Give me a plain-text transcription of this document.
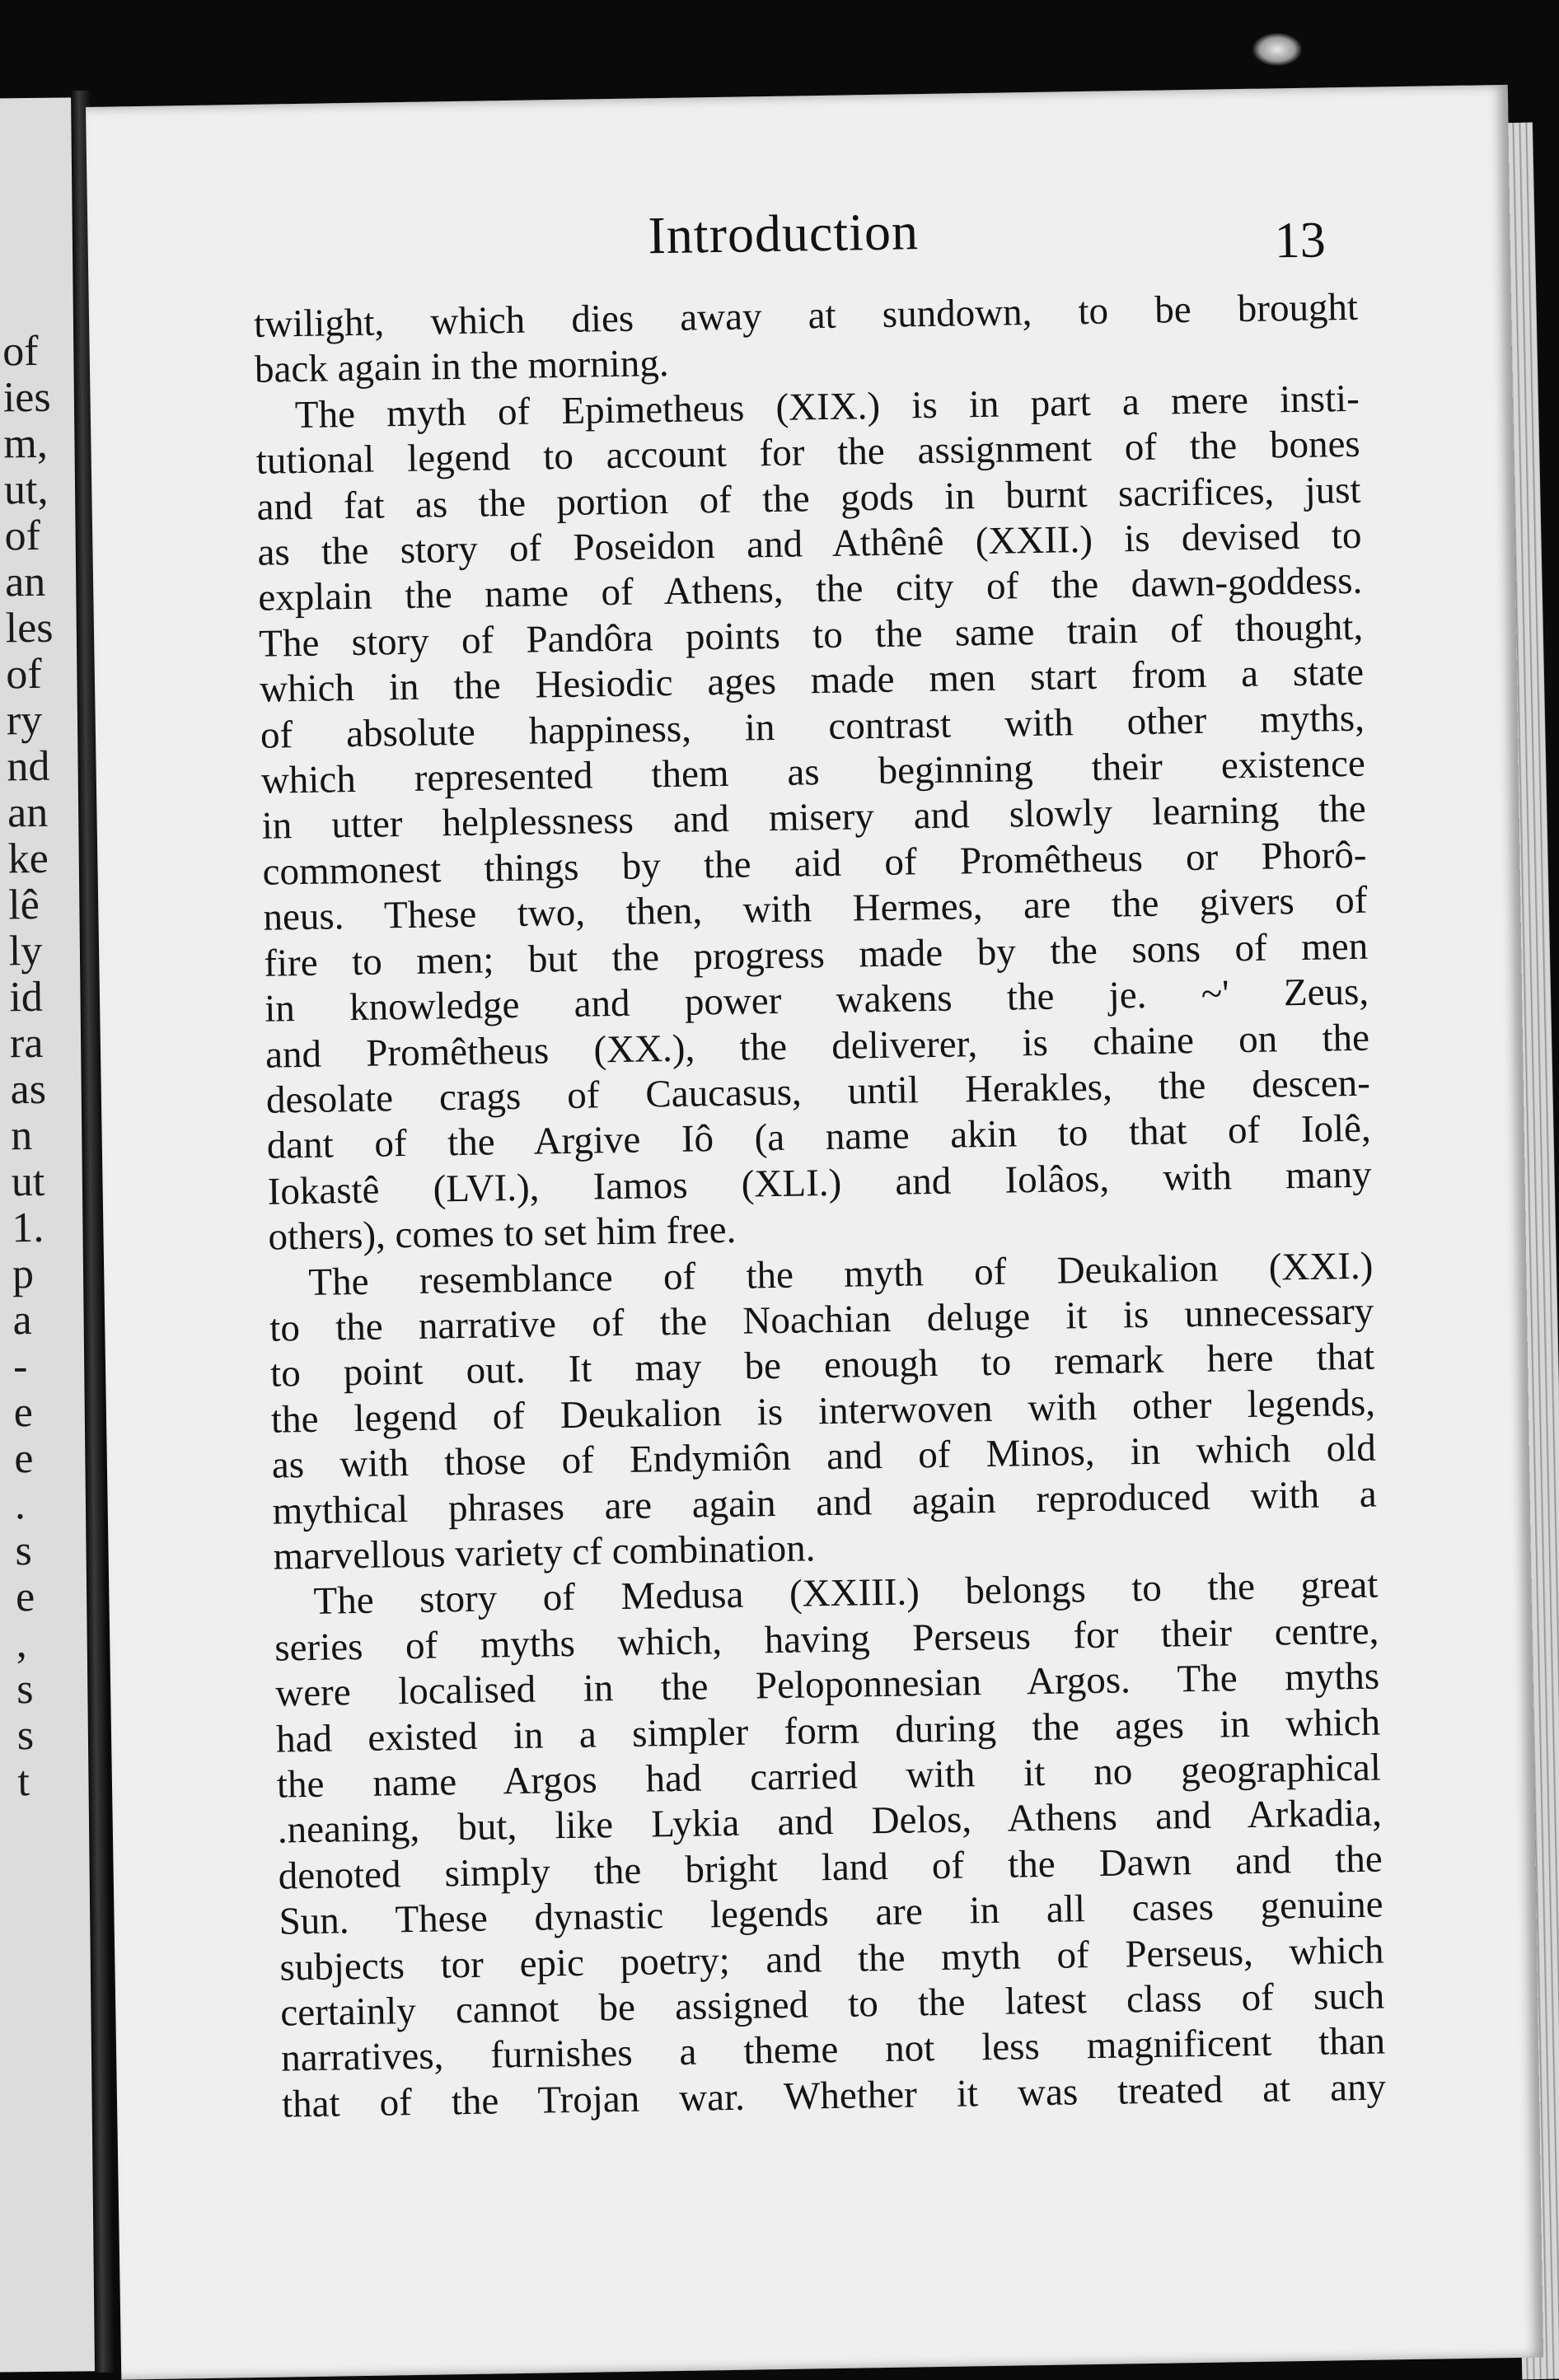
of
ies
m,
ut,
of
an
les
of
ry
nd
an
ke
lê
ly
id
ra
as
n
ut
1.
p
a
-
e
e
.
s
e
,
s
s
t
Introduction	13
twilight, which dies away at sundown, to be brought
back again in the morning.
The myth of Epimetheus (XIX.) is in part a mere insti-
tutional legend to account for the assignment of the bones
and fat as the portion of the gods in burnt sacrifices, just
as the story of Poseidon and Athênê (XXII.) is devised to
explain the name of Athens, the city of the dawn-goddess.
The story of Pandôra points to the same train of thought,
which in the Hesiodic ages made men start from a state
of absolute happiness, in contrast with other myths,
which represented them as beginning their existence
in utter helplessness and misery and slowly learning the
commonest things by the aid of Promêtheus or Phorô-
neus. These two, then, with Hermes, are the givers of
fire to men; but the progress made by the sons of men
in knowledge and power wakens the je. ~' Zeus,
and Promêtheus (XX.), the deliverer, is chaine on the
desolate crags of Caucasus, until Herakles, the descen-
dant of the Argive Iô (a name akin to that of Iolê,
Iokastê (LVI.), Iamos (XLI.) and Iolâos, with many
others), comes to set him free.
The resemblance of the myth of Deukalion (XXI.)
to the narrative of the Noachian deluge it is unnecessary
to point out. It may be enough to remark here that
the legend of Deukalion is interwoven with other legends,
as with those of Endymiôn and of Minos, in which old
mythical phrases are again and again reproduced with a
marvellous variety cf combination.
The story of Medusa (XXIII.) belongs to the great
series of myths which, having Perseus for their centre,
were localised in the Peloponnesian Argos. The myths
had existed in a simpler form during the ages in which
the name Argos had carried with it no geographical
.neaning, but, like Lykia and Delos, Athens and Arkadia,
denoted simply the bright land of the Dawn and the
Sun. These dynastic legends are in all cases genuine
subjects tor epic poetry; and the myth of Perseus, which
certainly cannot be assigned to the latest class of such
narratives, furnishes a theme not less magnificent than
that of the Trojan war. Whether it was treated at any
